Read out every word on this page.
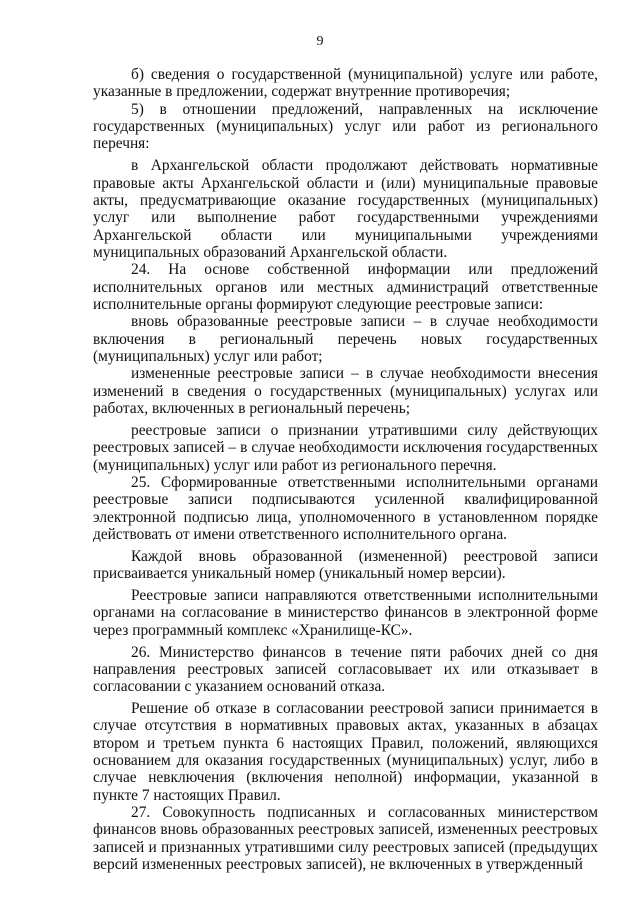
9

б) сведения о государственной (муниципальной) услуге или работе, указанные в предложении, содержат внутренние противоречия;

5) в отношении предложений, направленных на исключение государственных (муниципальных) услуг или работ из регионального перечня:

в Архангельской области продолжают действовать нормативные правовые акты Архангельской области и (или) муниципальные правовые акты, предусматривающие оказание государственных (муниципальных) услуг или выполнение работ государственными учреждениями Архангельской области или муниципальными учреждениями муниципальных образований Архангельской области.

24. На основе собственной информации или предложений исполнительных органов или местных администраций ответственные исполнительные органы формируют следующие реестровые записи:

вновь образованные реестровые записи – в случае необходимости включения в региональный перечень новых государственных (муниципальных) услуг или работ;

измененные реестровые записи – в случае необходимости внесения изменений в сведения о государственных (муниципальных) услугах или работах, включенных в региональный перечень;

реестровые записи о признании утратившими силу действующих реестровых записей – в случае необходимости исключения государственных (муниципальных) услуг или работ из регионального перечня.

25. Сформированные ответственными исполнительными органами реестровые записи подписываются усиленной квалифицированной электронной подписью лица, уполномоченного в установленном порядке действовать от имени ответственного исполнительного органа.

Каждой вновь образованной (измененной) реестровой записи присваивается уникальный номер (уникальный номер версии).

Реестровые записи направляются ответственными исполнительными органами на согласование в министерство финансов в электронной форме через программный комплекс «Хранилище-КС».

26. Министерство финансов в течение пяти рабочих дней со дня направления реестровых записей согласовывает их или отказывает в согласовании с указанием оснований отказа.

Решение об отказе в согласовании реестровой записи принимается в случае отсутствия в нормативных правовых актах, указанных в абзацах втором и третьем пункта 6 настоящих Правил, положений, являющихся основанием для оказания государственных (муниципальных) услуг, либо в случае невключения (включения неполной) информации, указанной в пункте 7 настоящих Правил.

27. Совокупность подписанных и согласованных министерством финансов вновь образованных реестровых записей, измененных реестровых записей и признанных утратившими силу реестровых записей (предыдущих версий измененных реестровых записей), не включенных в утвержденный
